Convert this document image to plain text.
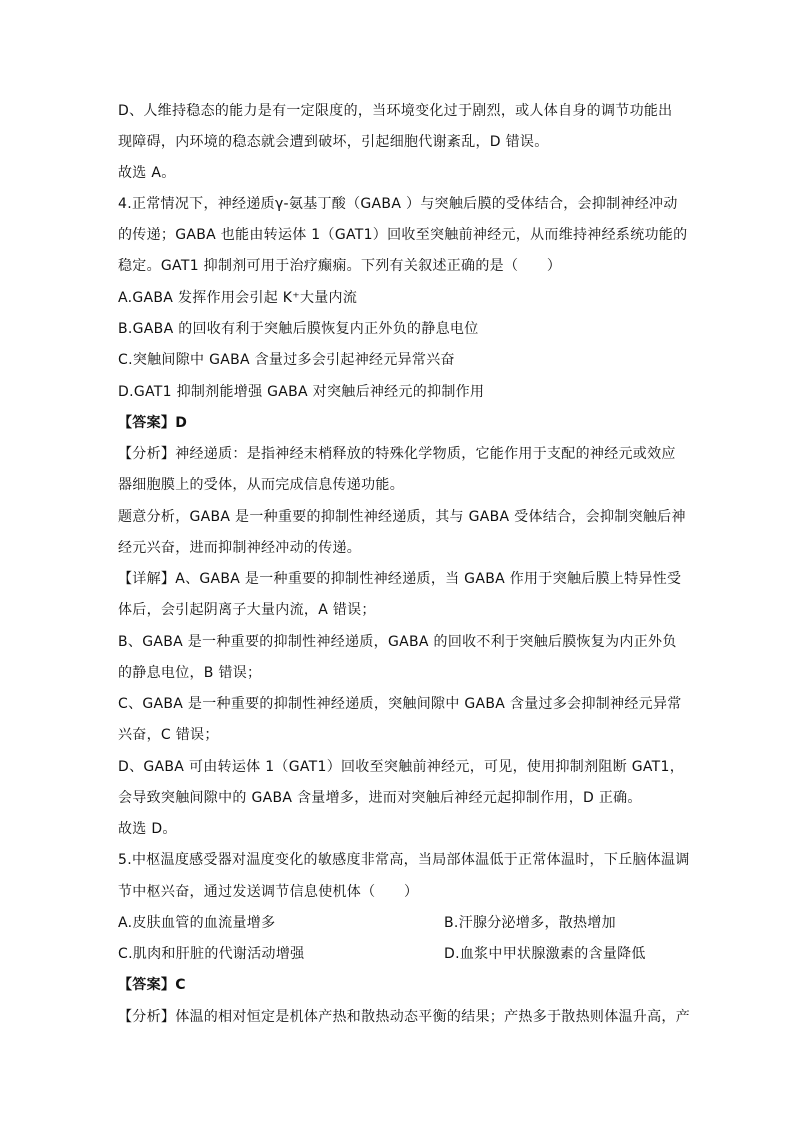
D、人维持稳态的能力是有一定限度的，当环境变化过于剧烈，或人体自身的调节功能出
现障碍，内环境的稳态就会遭到破坏，引起细胞代谢紊乱，D 错误。
故选 A。
4.正常情况下，神经递质γ-氨基丁酸（GABA ）与突触后膜的受体结合，会抑制神经冲动
的传递；GABA 也能由转运体 1（GAT1）回收至突触前神经元，从而维持神经系统功能的
稳定。GAT1 抑制剂可用于治疗癫痫。下列有关叙述正确的是（　　）
A.GABA 发挥作用会引起 K⁺大量内流
B.GABA 的回收有利于突触后膜恢复内正外负的静息电位
C.突触间隙中 GABA 含量过多会引起神经元异常兴奋
D.GAT1 抑制剂能增强 GABA 对突触后神经元的抑制作用
【答案】D
【分析】神经递质：是指神经末梢释放的特殊化学物质，它能作用于支配的神经元或效应
器细胞膜上的受体，从而完成信息传递功能。
题意分析，GABA 是一种重要的抑制性神经递质，其与 GABA 受体结合，会抑制突触后神
经元兴奋，进而抑制神经冲动的传递。
【详解】A、GABA 是一种重要的抑制性神经递质，当 GABA 作用于突触后膜上特异性受
体后，会引起阴离子大量内流，A 错误；
B、GABA 是一种重要的抑制性神经递质，GABA 的回收不利于突触后膜恢复为内正外负
的静息电位，B 错误；
C、GABA 是一种重要的抑制性神经递质，突触间隙中 GABA 含量过多会抑制神经元异常
兴奋，C 错误；
D、GABA 可由转运体 1（GAT1）回收至突触前神经元，可见，使用抑制剂阻断 GAT1，
会导致突触间隙中的 GABA 含量增多，进而对突触后神经元起抑制作用，D 正确。
故选 D。
5.中枢温度感受器对温度变化的敏感度非常高，当局部体温低于正常体温时，下丘脑体温调
节中枢兴奋，通过发送调节信息使机体（　　）
A.皮肤血管的血流量增多	B.汗腺分泌增多，散热增加
C.肌肉和肝脏的代谢活动增强	D.血浆中甲状腺激素的含量降低
【答案】C
【分析】体温的相对恒定是机体产热和散热动态平衡的结果；产热多于散热则体温升高，产
